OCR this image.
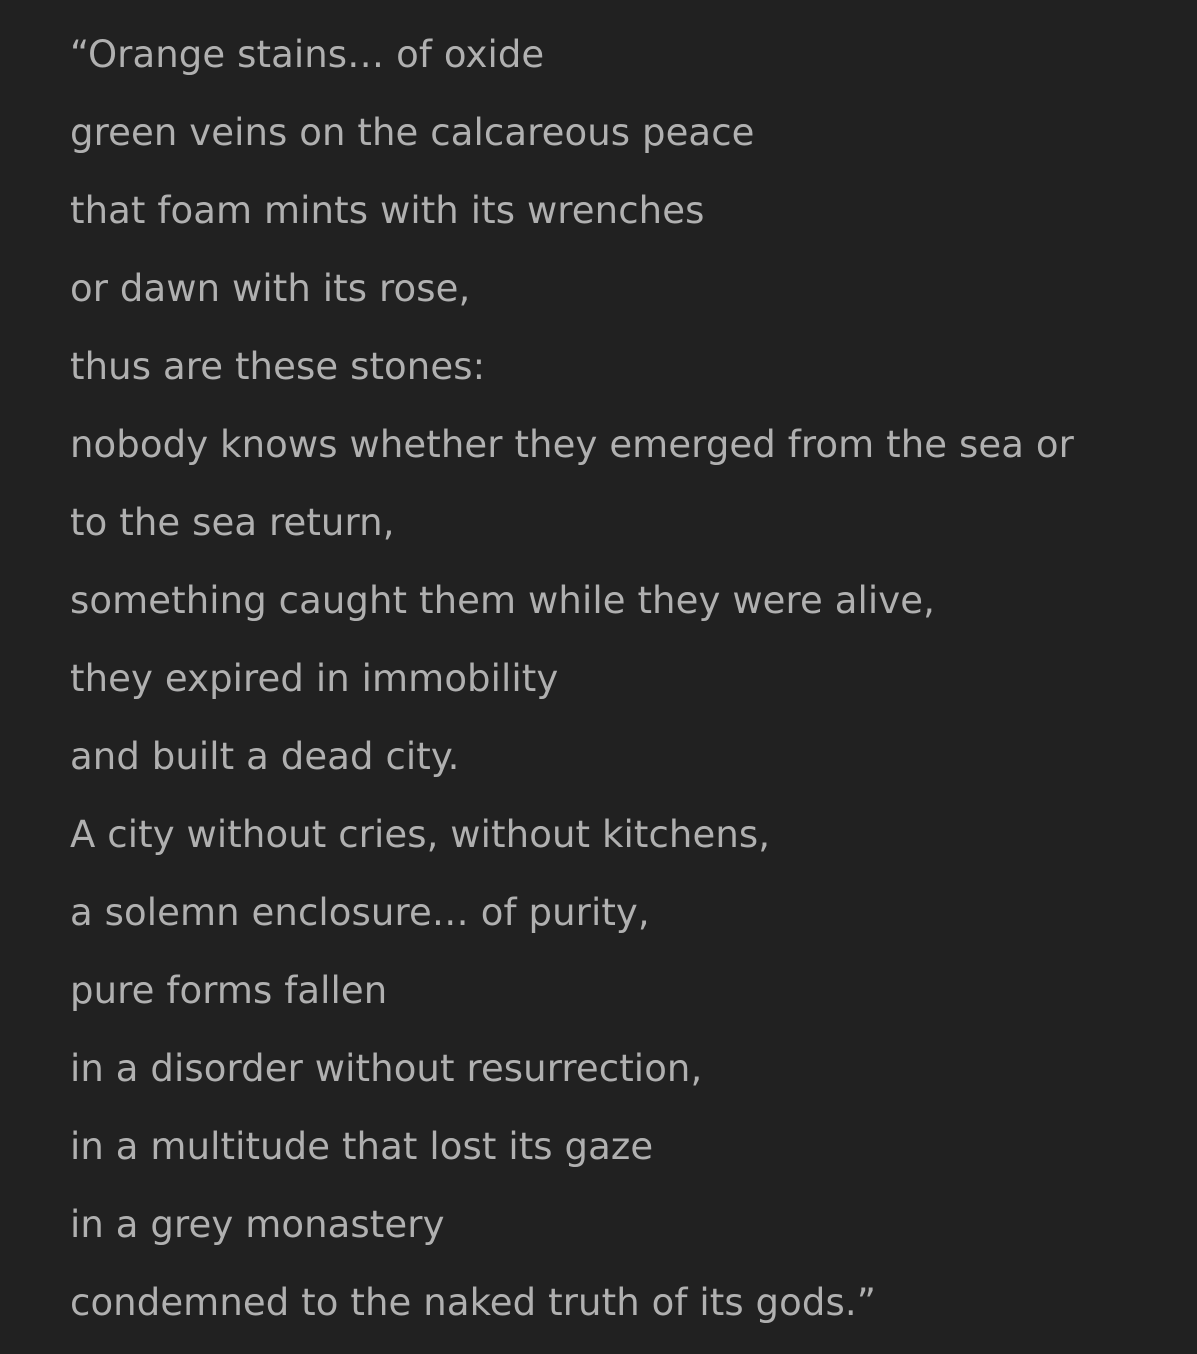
“Orange stains… of oxide
green veins on the calcareous peace
that foam mints with its wrenches
or dawn with its rose,
thus are these stones:
nobody knows whether they emerged from the sea or
to the sea return,
something caught them while they were alive,
they expired in immobility
and built a dead city.
A city without cries, without kitchens,
a solemn enclosure… of purity,
pure forms fallen
in a disorder without resurrection,
in a multitude that lost its gaze
in a grey monastery
condemned to the naked truth of its gods.”
